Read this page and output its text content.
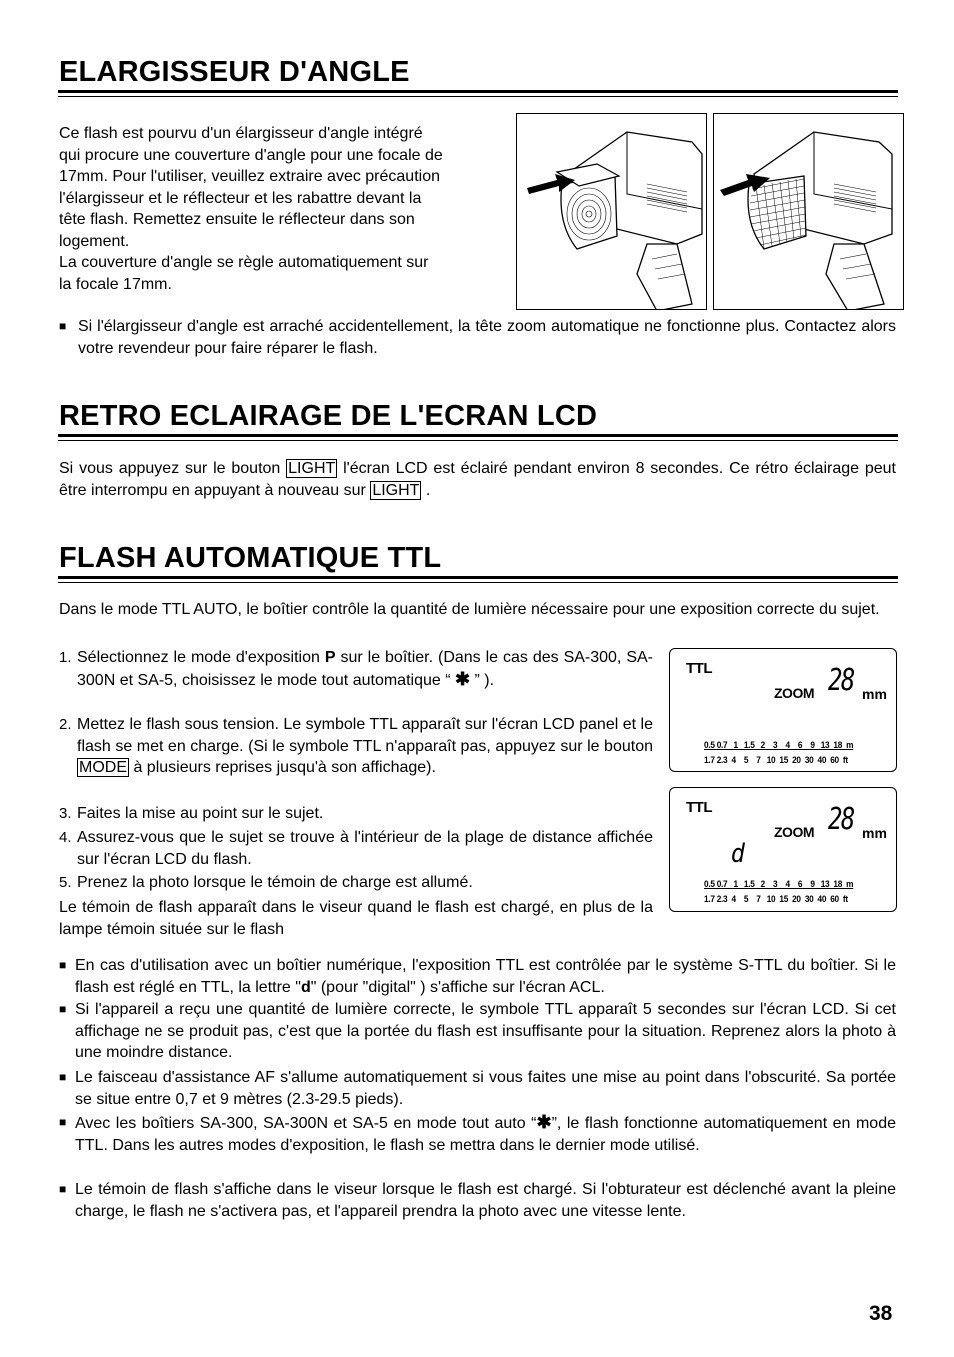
ELARGISSEUR D'ANGLE
Ce flash est pourvu d'un élargisseur d'angle intégré
qui procure une couverture d'angle pour une focale de
17mm. Pour l'utiliser, veuillez extraire avec précaution
l'élargisseur et le réflecteur et les rabattre devant la
tête flash. Remettez ensuite le réflecteur dans son
logement.
La couverture d'angle se règle automatiquement sur
la focale 17mm.
■ Si l'élargisseur d'angle est arraché accidentellement, la tête zoom automatique ne fonctionne plus. Contactez alors votre revendeur pour faire réparer le flash.
RETRO ECLAIRAGE DE L'ECRAN LCD
Si vous appuyez sur le bouton LIGHT l'écran LCD est éclairé pendant environ 8 secondes. Ce rétro éclairage peut être interrompu en appuyant à nouveau sur LIGHT .
FLASH AUTOMATIQUE TTL
Dans le mode TTL AUTO, le boîtier contrôle la quantité de lumière nécessaire pour une exposition correcte du sujet.
1. Sélectionnez le mode d'exposition P sur le boîtier. (Dans le cas des SA-300, SA-300N et SA-5, choisissez le mode tout automatique “ ✱ ” ).
2. Mettez le flash sous tension. Le symbole TTL apparaît sur l'écran LCD panel et le flash se met en charge. (Si le symbole TTL n'apparaît pas, appuyez sur le bouton MODE à plusieurs reprises jusqu'à son affichage).
3. Faites la mise au point sur le sujet.
4. Assurez-vous que le sujet se trouve à l'intérieur de la plage de distance affichée sur l'écran LCD du flash.
5. Prenez la photo lorsque le témoin de charge est allumé.
Le témoin de flash apparaît dans le viseur quand le flash est chargé, en plus de la lampe témoin située sur le flash
TTL
ZOOM 28 mm
0.5 0.7   1   1.5   2    3    4    6    9   13  18  m
1.7 2.3  4    5    7   10  15  20  30  40  60  ft
TTL
ZOOM 28 mm
d
0.5 0.7   1   1.5   2    3    4    6    9   13  18  m
1.7 2.3  4    5    7   10  15  20  30  40  60  ft
■ En cas d'utilisation avec un boîtier numérique, l'exposition TTL est contrôlée par le système S-TTL du boîtier. Si le flash est réglé en TTL, la lettre "d" (pour "digital" ) s'affiche sur l'écran ACL.
■ Si l'appareil a reçu une quantité de lumière correcte, le symbole TTL apparaît 5 secondes sur l'écran LCD. Si cet affichage ne se produit pas, c'est que la portée du flash est insuffisante pour la situation. Reprenez alors la photo à une moindre distance.
■ Le faisceau d'assistance AF s'allume automatiquement si vous faites une mise au point dans l'obscurité. Sa portée se situe entre 0,7 et 9 mètres (2.3-29.5 pieds).
■ Avec les boîtiers SA-300, SA-300N et SA-5 en mode tout auto “✱”, le flash fonctionne automatiquement en mode TTL. Dans les autres modes d'exposition, le flash se mettra dans le dernier mode utilisé.
■ Le témoin de flash s'affiche dans le viseur lorsque le flash est chargé. Si l'obturateur est déclenché avant la pleine charge, le flash ne s'activera pas, et l'appareil prendra la photo avec une vitesse lente.
38
